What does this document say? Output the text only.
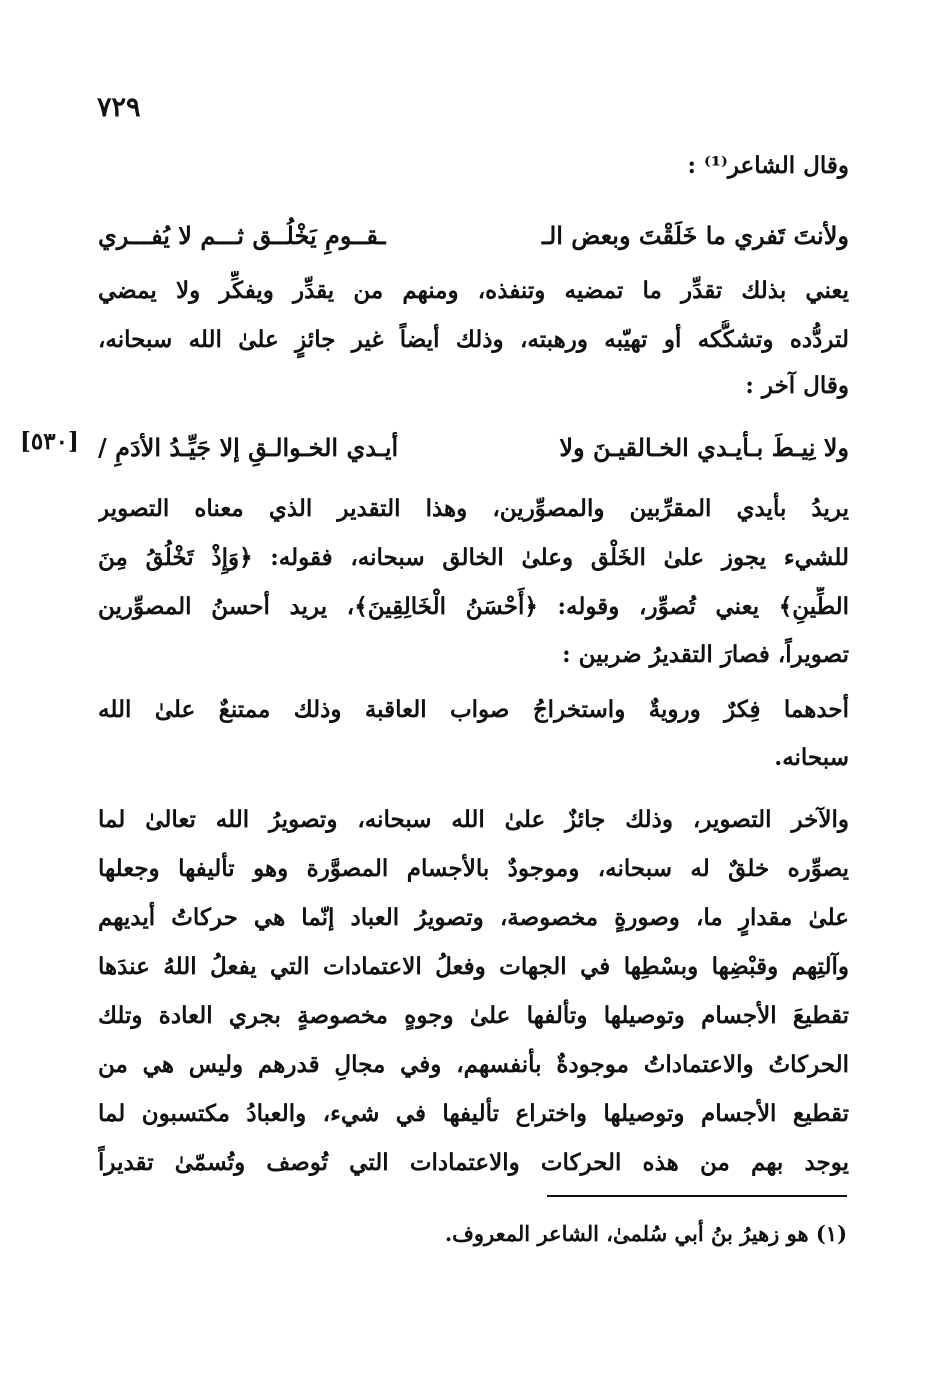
٧٢٩
وقال الشاعر⁽¹⁾ :
ولأنتَ تَفري ما خَلَقْتَ وبعض الـ
ـقــومِ يَخْلُــق ثـــم لا يُفـــري
يعني بذلك تقدِّر ما تمضيه وتنفذه، ومنهم من يقدِّر ويفكِّر ولا يمضي
لتردُّده وتشكُّكه أو تهيّبه ورهبته، وذلك أيضاً غير جائزٍ علىٰ الله سبحانه،
وقال آخر :
[٥٣٠]	ولا نِيـطَ بـأيـدي الخـالقيـنَ ولا
أيـدي الخـوالـقِ إلا جَيِّـدُ الأدَمِ /
يريدُ بأيدي المقرِّبين والمصوِّرين، وهذا التقدير الذي معناه التصوير
للشيء يجوز علىٰ الخَلْق وعلىٰ الخالق سبحانه، فقوله: ﴿وَإِذْ تَخْلُقُ مِنَ
الطِّينِ﴾ يعني تُصوِّر، وقوله: ﴿أَحْسَنُ الْخَالِقِينَ﴾، يريد أحسنُ المصوِّرين
تصويراً، فصارَ التقديرُ ضربين :
أحدهما فِكرٌ ورويةٌ واستخراجُ صواب العاقبة وذلك ممتنعٌ علىٰ الله
سبحانه.
والآخر التصوير، وذلك جائزٌ علىٰ الله سبحانه، وتصويرُ الله تعالىٰ لما
يصوِّره خلقٌ له سبحانه، وموجودٌ بالأجسام المصوَّرة وهو تأليفها وجعلها
علىٰ مقدارٍ ما، وصورةٍ مخصوصة، وتصويرُ العباد إنّما هي حركاتُ أيديهم
وآلتِهم وقبْضِها وبسْطِها في الجهات وفعلُ الاعتمادات التي يفعلُ اللهُ عندَها
تقطيعَ الأجسام وتوصيلها وتألفها علىٰ وجوهٍ مخصوصةٍ بجري العادة وتلك
الحركاتُ والاعتماداتُ موجودةٌ بأنفسهم، وفي مجالِ قدرهم وليس هي من
تقطيع الأجسام وتوصيلها واختراع تأليفها في شيء، والعبادُ مكتسبون لما
يوجد بهم من هذه الحركات والاعتمادات التي تُوصف وتُسمّىٰ تقديراً
(١) هو زهيرُ بنُ أبي سُلمىٰ، الشاعر المعروف.
